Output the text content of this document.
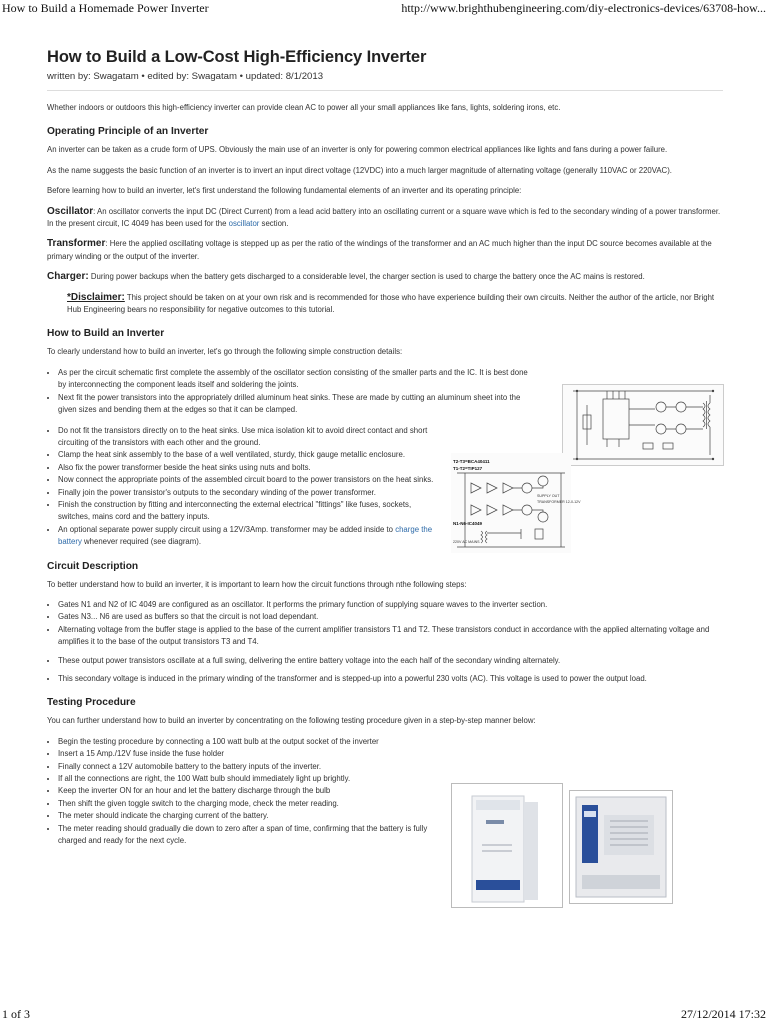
How to Build a Homemade Power Inverter	http://www.brighthubengineering.com/diy-electronics-devices/63708-how...
How to Build a Low-Cost High-Efficiency Inverter
written by: Swagatam • edited by: Swagatam • updated: 8/1/2013

Whether indoors or outdoors this high-efficiency inverter can provide clean AC to power all your small appliances like fans, lights, soldering irons, etc.

Operating Principle of an Inverter

An inverter can be taken as a crude form of UPS. Obviously the main use of an inverter is only for powering common electrical appliances like lights and fans during a power failure.

As the name suggests the basic function of an inverter is to invert an input direct voltage (12VDC) into a much larger magnitude of alternating voltage (generally 110VAC or 220VAC).

Before learning how to build an inverter, let's first understand the following fundamental elements of an inverter and its operating principle:

Oscillator: An oscillator converts the input DC (Direct Current) from a lead acid battery into an oscillating current or a square wave which is fed to the secondary winding of a power transformer. In the present circuit, IC 4049 has been used for the oscillator section.

Transformer: Here the applied oscillating voltage is stepped up as per the ratio of the windings of the transformer and an AC much higher than the input DC source becomes available at the primary winding or the output of the inverter.

Charger: During power backups when the battery gets discharged to a considerable level, the charger section is used to charge the battery once the AC mains is restored.

*Disclaimer: This project should be taken on at your own risk and is recommended for those who have experience building their own circuits. Neither the author of the article, nor Bright Hub Engineering bears no responsibility for negative outcomes to this tutorial.

How to Build an Inverter

To clearly understand how to build an inverter, let's go through the following simple construction details:

• As per the circuit schematic first complete the assembly of the oscillator section consisting of the smaller parts and the IC. It is best done by interconnecting the component leads itself and soldering the joints.
• Next fit the power transistors into the appropriately drilled aluminum heat sinks. These are made by cutting an aluminum sheet into the given sizes and bending them at the edges so that it can be clamped.
• Do not fit the transistors directly on to the heat sinks. Use mica isolation kit to avoid direct contact and short circuiting of the transistors with each other and the ground.
• Clamp the heat sink assembly to the base of a well ventilated, sturdy, thick gauge metallic enclosure.
• Also fix the power transformer beside the heat sinks using nuts and bolts.
• Now connect the appropriate points of the assembled circuit board to the power transistors on the heat sinks.
• Finally join the power transistor's outputs to the secondary winding of the power transformer.
• Finish the construction by fitting and interconnecting the external electrical "fittings" like fuses, sockets, switches, mains cord and the battery inputs.
• An optional separate power supply circuit using a 12V/3Amp. transformer may be added inside to charge the battery whenever required (see diagram).
Circuit Description

To better understand how to build an inverter, it is important to learn how the circuit functions through nthe following steps:

• Gates N1 and N2 of IC 4049 are configured as an oscillator. It performs the primary function of supplying square waves to the inverter section.
• Gates N3... N6 are used as buffers so that the circuit is not load dependant.
• Alternating voltage from the buffer stage is applied to the base of the current amplifier transistors T1 and T2. These transistors conduct in accordance with the applied alternating voltage and amplifies it to the base of the output transistors T3 and T4.
• These output power transistors oscillate at a full swing, delivering the entire battery voltage into the each half of the secondary winding alternately.
• This secondary voltage is induced in the primary winding of the transformer and is stepped-up into a powerful 230 volts (AC). This voltage is used to power the output load.
Testing Procedure

You can further understand how to build an inverter by concentrating on the following testing procedure given in a step-by-step manner below:

• Begin the testing procedure by connecting a 100 watt bulb at the output socket of the inverter
• Insert a 15 Amp./12V fuse inside the fuse holder
• Finally connect a 12V automobile battery to the battery inputs of the inverter.
• If all the connections are right, the 100 Watt bulb should immediately light up brightly.
• Keep the inverter ON for an hour and let the battery discharge through the bulb
• Then shift the given toggle switch to the charging mode, check the meter reading.
• The meter should indicate the charging current of the battery.
• The meter reading should gradually die down to zero after a span of time, confirming that the battery is fully charged and ready for the next cycle.
T2-T3=BCA40411
T1-T2=TIP127
N1-N6-IC4049
220V AC MAINS
SUPPLY OUT
TRANSFORMER 12-0-12V
1 of 3	27/12/2014 17:32
